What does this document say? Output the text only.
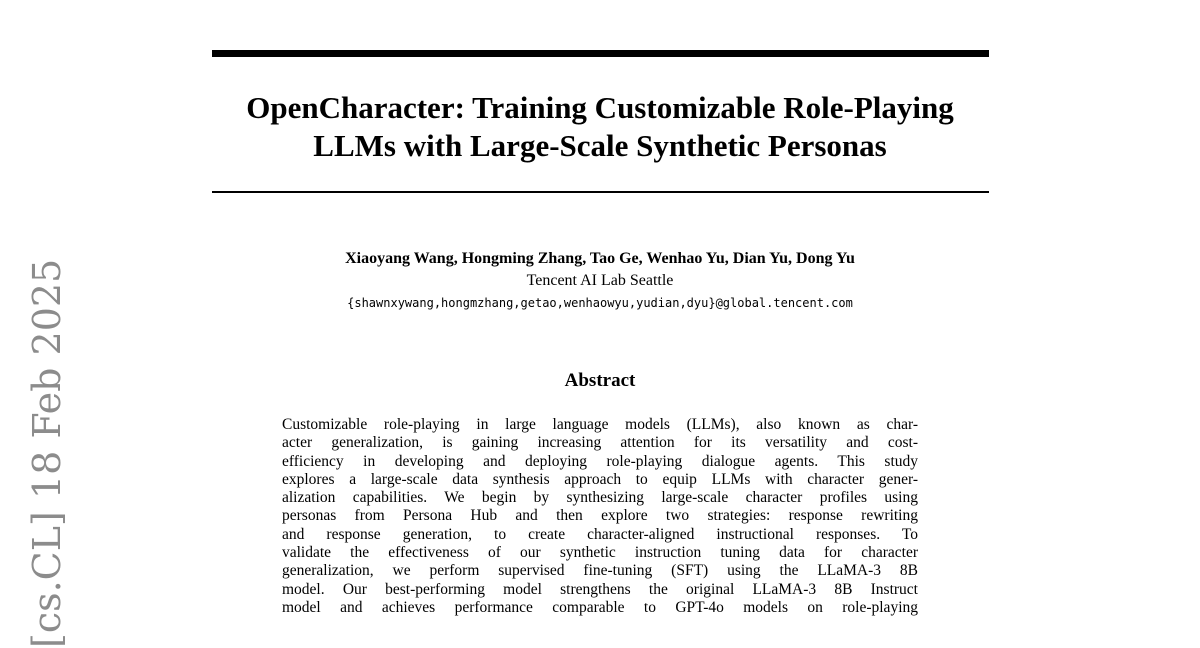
OpenCharacter: Training Customizable Role-Playing
LLMs with Large-Scale Synthetic Personas
Xiaoyang Wang, Hongming Zhang, Tao Ge, Wenhao Yu, Dian Yu, Dong Yu
Tencent AI Lab Seattle
{shawnxywang,hongmzhang,getao,wenhaowyu,yudian,dyu}@global.tencent.com
Abstract
Customizable role-playing in large language models (LLMs), also known as char-
acter generalization, is gaining increasing attention for its versatility and cost-
efficiency in developing and deploying role-playing dialogue agents. This study
explores a large-scale data synthesis approach to equip LLMs with character gener-
alization capabilities. We begin by synthesizing large-scale character profiles using
personas from Persona Hub and then explore two strategies: response rewriting
and response generation, to create character-aligned instructional responses. To
validate the effectiveness of our synthetic instruction tuning data for character
generalization, we perform supervised fine-tuning (SFT) using the LLaMA-3 8B
model. Our best-performing model strengthens the original LLaMA-3 8B Instruct
model and achieves performance comparable to GPT-4o models on role-playing
[cs.CL] 18 Feb 2025
